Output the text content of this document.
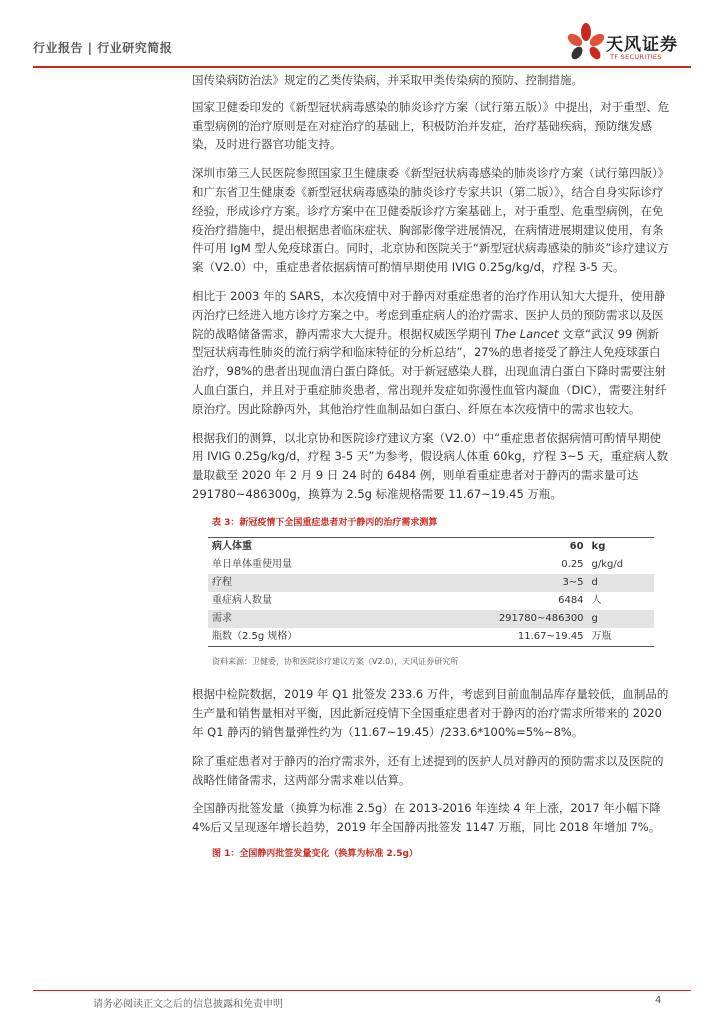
行业报告 | 行业研究简报	天风证券
TF SECURITIES

国传染病防治法》规定的乙类传染病，并采取甲类传染病的预防、控制措施。

国家卫健委印发的《新型冠状病毒感染的肺炎诊疗方案（试行第五版）》中提出，对于重型、危重型病例的治疗原则是在对症治疗的基础上，积极防治并发症，治疗基础疾病，预防继发感染，及时进行器官功能支持。

深圳市第三人民医院参照国家卫生健康委《新型冠状病毒感染的肺炎诊疗方案（试行第四版）》和广东省卫生健康委《新型冠状病毒感染的肺炎诊疗专家共识（第二版）》，结合自身实际诊疗经验，形成诊疗方案。诊疗方案中在卫健委版诊疗方案基础上，对于重型、危重型病例，在免疫治疗措施中，提出根据患者临床症状、胸部影像学进展情况，在病情进展期建议使用，有条件可用 IgM 型人免疫球蛋白。同时，北京协和医院关于“新型冠状病毒感染的肺炎”诊疗建议方案（V2.0）中，重症患者依据病情可酌情早期使用 IVIG 0.25g/kg/d，疗程 3-5 天。

相比于 2003 年的 SARS，本次疫情中对于静丙对重症患者的治疗作用认知大大提升，使用静丙治疗已经进入地方诊疗方案之中。考虑到重症病人的治疗需求、医护人员的预防需求以及医院的战略储备需求，静丙需求大大提升。根据权威医学期刊 The Lancet 文章“武汉 99 例新型冠状病毒性肺炎的流行病学和临床特征的分析总结”，27%的患者接受了静注人免疫球蛋白治疗，98%的患者出现血清白蛋白降低。对于新冠感染人群，出现血清白蛋白下降时需要注射人血白蛋白，并且对于重症肺炎患者，常出现并发症如弥漫性血管内凝血（DIC），需要注射纤原治疗。因此除静丙外，其他治疗性血制品如白蛋白、纤原在本次疫情中的需求也较大。

根据我们的测算，以北京协和医院诊疗建议方案（V2.0）中“重症患者依据病情可酌情早期使用 IVIG 0.25g/kg/d，疗程 3-5 天”为参考，假设病人体重 60kg，疗程 3~5 天，重症病人数量取截至 2020 年 2 月 9 日 24 时的 6484 例，则单看重症患者对于静丙的需求量可达 291780~486300g，换算为 2.5g 标准规格需要 11.67~19.45 万瓶。

表 3：新冠疫情下全国重症患者对于静丙的治疗需求测算
病人体重	60	kg
单日单体重使用量	0.25	g/kg/d
疗程	3~5	d
重症病人数量	6484	人
需求	291780~486300	g
瓶数（2.5g 规格）	11.67~19.45	万瓶
资料来源：卫健委，协和医院诊疗建议方案（V2.0），天风证券研究所

根据中检院数据，2019 年 Q1 批签发 233.6 万件，考虑到目前血制品库存量较低，血制品的生产量和销售量相对平衡，因此新冠疫情下全国重症患者对于静丙的治疗需求所带来的 2020 年 Q1 静丙的销售量弹性约为（11.67~19.45）/233.6*100%=5%~8%。

除了重症患者对于静丙的治疗需求外，还有上述提到的医护人员对静丙的预防需求以及医院的战略性储备需求，这两部分需求难以估算。

全国静丙批签发量（换算为标准 2.5g）在 2013-2016 年连续 4 年上涨，2017 年小幅下降 4%后又呈现逐年增长趋势，2019 年全国静丙批签发 1147 万瓶，同比 2018 年增加 7%。

图 1：全国静丙批签发量变化（换算为标准 2.5g）
请务必阅读正文之后的信息披露和免责申明	4
